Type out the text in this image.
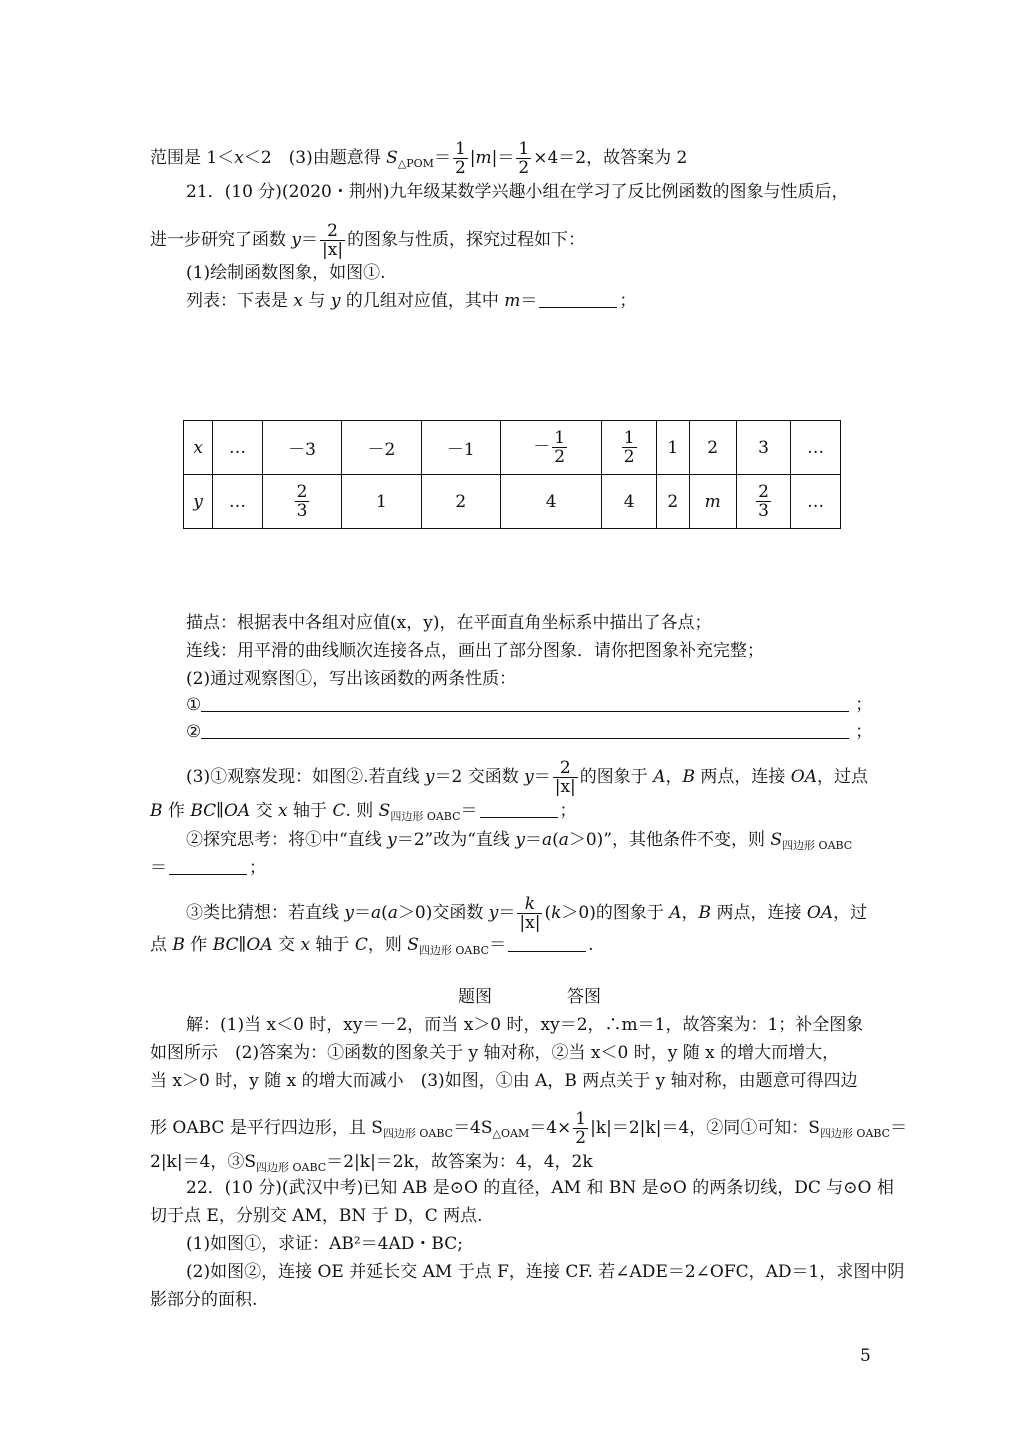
范围是 1＜x＜2　(3)由题意得 $S_{\triangle POM}= \frac{1}{2} |m|= \frac{1}{2} \times 4=2$，故答案为 2
21．(10 分)(2020・荆州)九年级某数学兴趣小组在学习了反比例函数的图象与性质后，
进一步研究了函数 $y= \frac{2}{|x|}$ 的图象与性质，探究过程如下：
(1)绘制函数图象，如图①.
列表：下表是 x 与 y 的几组对应值，其中 m＝	；
x	…	－3	－2	－1	－ $\frac{1}{2}$	$\frac{1}{2}$	1	2	3	…
y	…	$\frac{2}{3}$	1	2	4	4	2	m	$\frac{2}{3}$	…
描点：根据表中各组对应值(x，y)，在平面直角坐标系中描出了各点；
连线：用平滑的曲线顺次连接各点，画出了部分图象．请你把图象补充完整；
(2)通过观察图①，写出该函数的两条性质：
①	；
②	；
(3)①观察发现：如图②.若直线 y＝2 交函数 $y= \frac{2}{|x|}$ 的图象于 A，B 两点，连接 OA，过点
B 作 BC∥OA 交 x 轴于 C. 则 $S_{四边形 OABC}=$	；
②探究思考：将①中“直线 y＝2”改为“直线 y＝a(a＞0)”，其他条件不变，则 $S_{四边形 OABC}$
＝	；
③类比猜想：若直线 y＝a(a＞0)交函数 $y= \frac{k}{|x|} (k>0)$的图象于 A，B 两点，连接 OA，过
点 B 作 BC∥OA 交 x 轴于 C，则 $S_{四边形 OABC}=$	.
题图	答图
解：(1)当 x＜0 时，xy＝－2，而当 x＞0 时，xy＝2，∴m＝1，故答案为：1；补全图象
如图所示　(2)答案为：①函数的图象关于 y 轴对称，②当 x＜0 时，y 随 x 的增大而增大，
当 x＞0 时，y 随 x 的增大而减小　(3)如图，①由 A，B 两点关于 y 轴对称，由题意可得四边
形 OABC 是平行四边形，且 $S_{四边形 OABC}=4S_{\triangle OAM}=4\times \frac{1}{2} |k|=2|k|=4$，②同①可知：$S_{四边形 OABC}=$
2|k|＝4，$③S_{四边形 OABC}=2|k|=2k$，故答案为：4，4，2k
22．(10 分)(武汉中考)已知 AB 是⊙O 的直径，AM 和 BN 是⊙O 的两条切线，DC 与⊙O 相
切于点 E，分别交 AM，BN 于 D，C 两点.
(1)如图①，求证：AB²＝4AD・BC;
(2)如图②，连接 OE 并延长交 AM 于点 F，连接 CF. 若∠ADE＝2∠OFC，AD＝1，求图中阴
影部分的面积.
5
